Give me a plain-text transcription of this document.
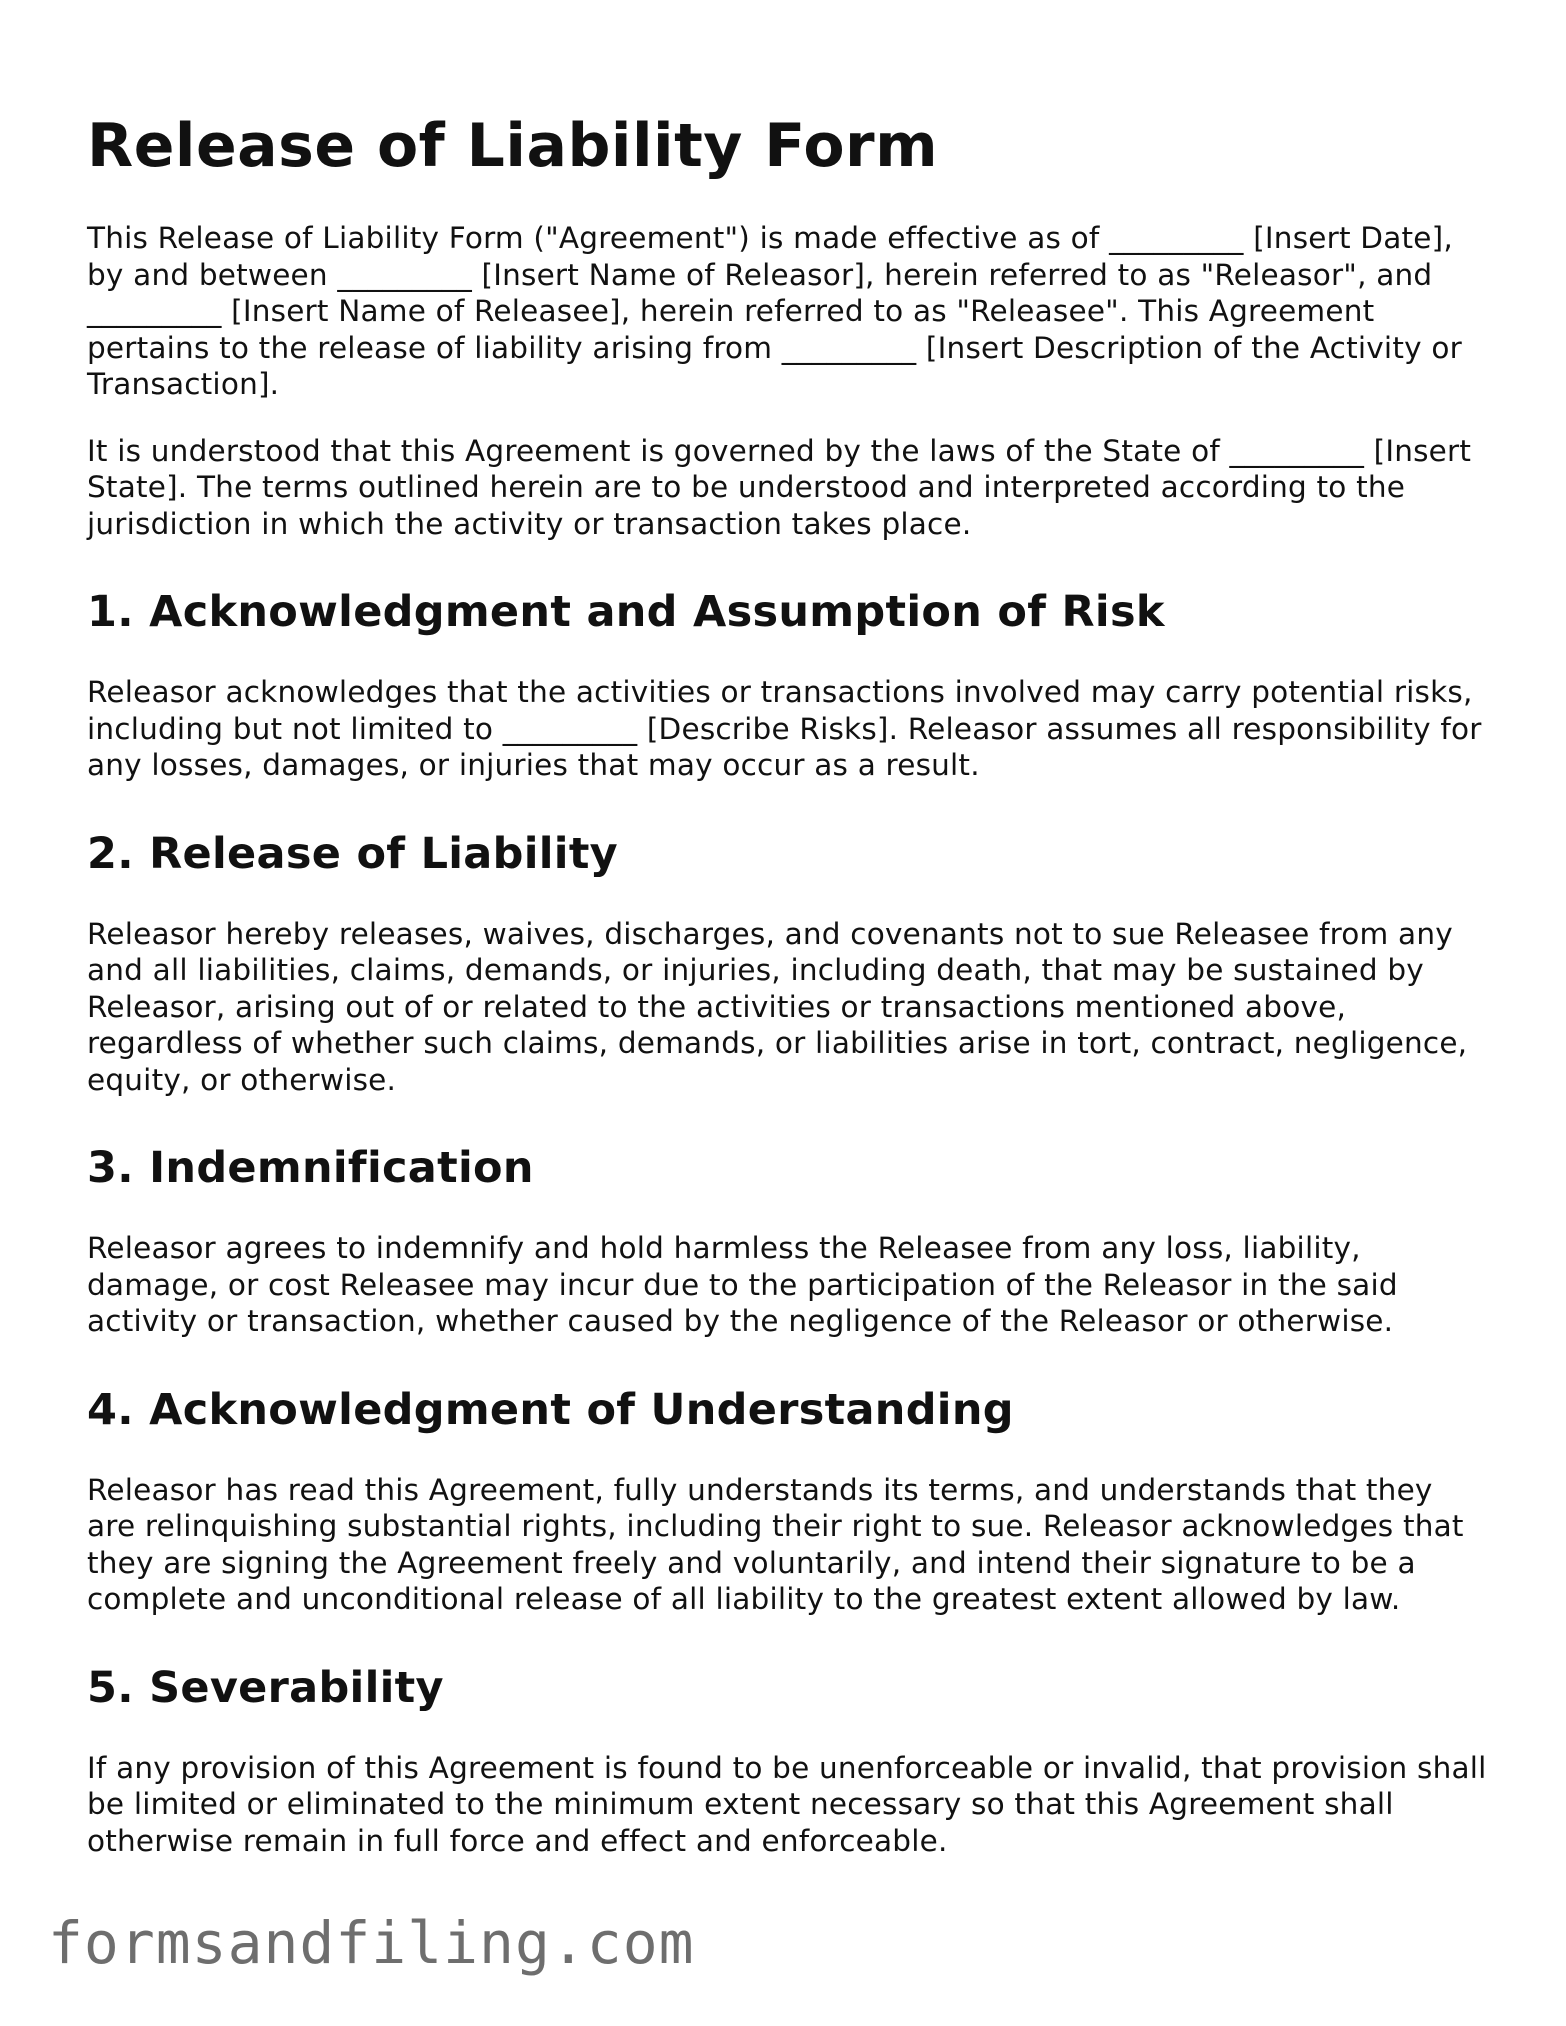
Release of Liability Form

This Release of Liability Form ("Agreement") is made effective as of _________ [Insert Date], by and between _________ [Insert Name of Releasor], herein referred to as "Releasor", and _________ [Insert Name of Releasee], herein referred to as "Releasee". This Agreement pertains to the release of liability arising from _________ [Insert Description of the Activity or Transaction].

It is understood that this Agreement is governed by the laws of the State of _________ [Insert State]. The terms outlined herein are to be understood and interpreted according to the jurisdiction in which the activity or transaction takes place.

1. Acknowledgment and Assumption of Risk

Releasor acknowledges that the activities or transactions involved may carry potential risks, including but not limited to _________ [Describe Risks]. Releasor assumes all responsibility for any losses, damages, or injuries that may occur as a result.

2. Release of Liability

Releasor hereby releases, waives, discharges, and covenants not to sue Releasee from any and all liabilities, claims, demands, or injuries, including death, that may be sustained by Releasor, arising out of or related to the activities or transactions mentioned above, regardless of whether such claims, demands, or liabilities arise in tort, contract, negligence, equity, or otherwise.

3. Indemnification

Releasor agrees to indemnify and hold harmless the Releasee from any loss, liability, damage, or cost Releasee may incur due to the participation of the Releasor in the said activity or transaction, whether caused by the negligence of the Releasor or otherwise.

4. Acknowledgment of Understanding

Releasor has read this Agreement, fully understands its terms, and understands that they are relinquishing substantial rights, including their right to sue. Releasor acknowledges that they are signing the Agreement freely and voluntarily, and intend their signature to be a complete and unconditional release of all liability to the greatest extent allowed by law.

5. Severability

If any provision of this Agreement is found to be unenforceable or invalid, that provision shall be limited or eliminated to the minimum extent necessary so that this Agreement shall otherwise remain in full force and effect and enforceable.

formsandfiling.com
